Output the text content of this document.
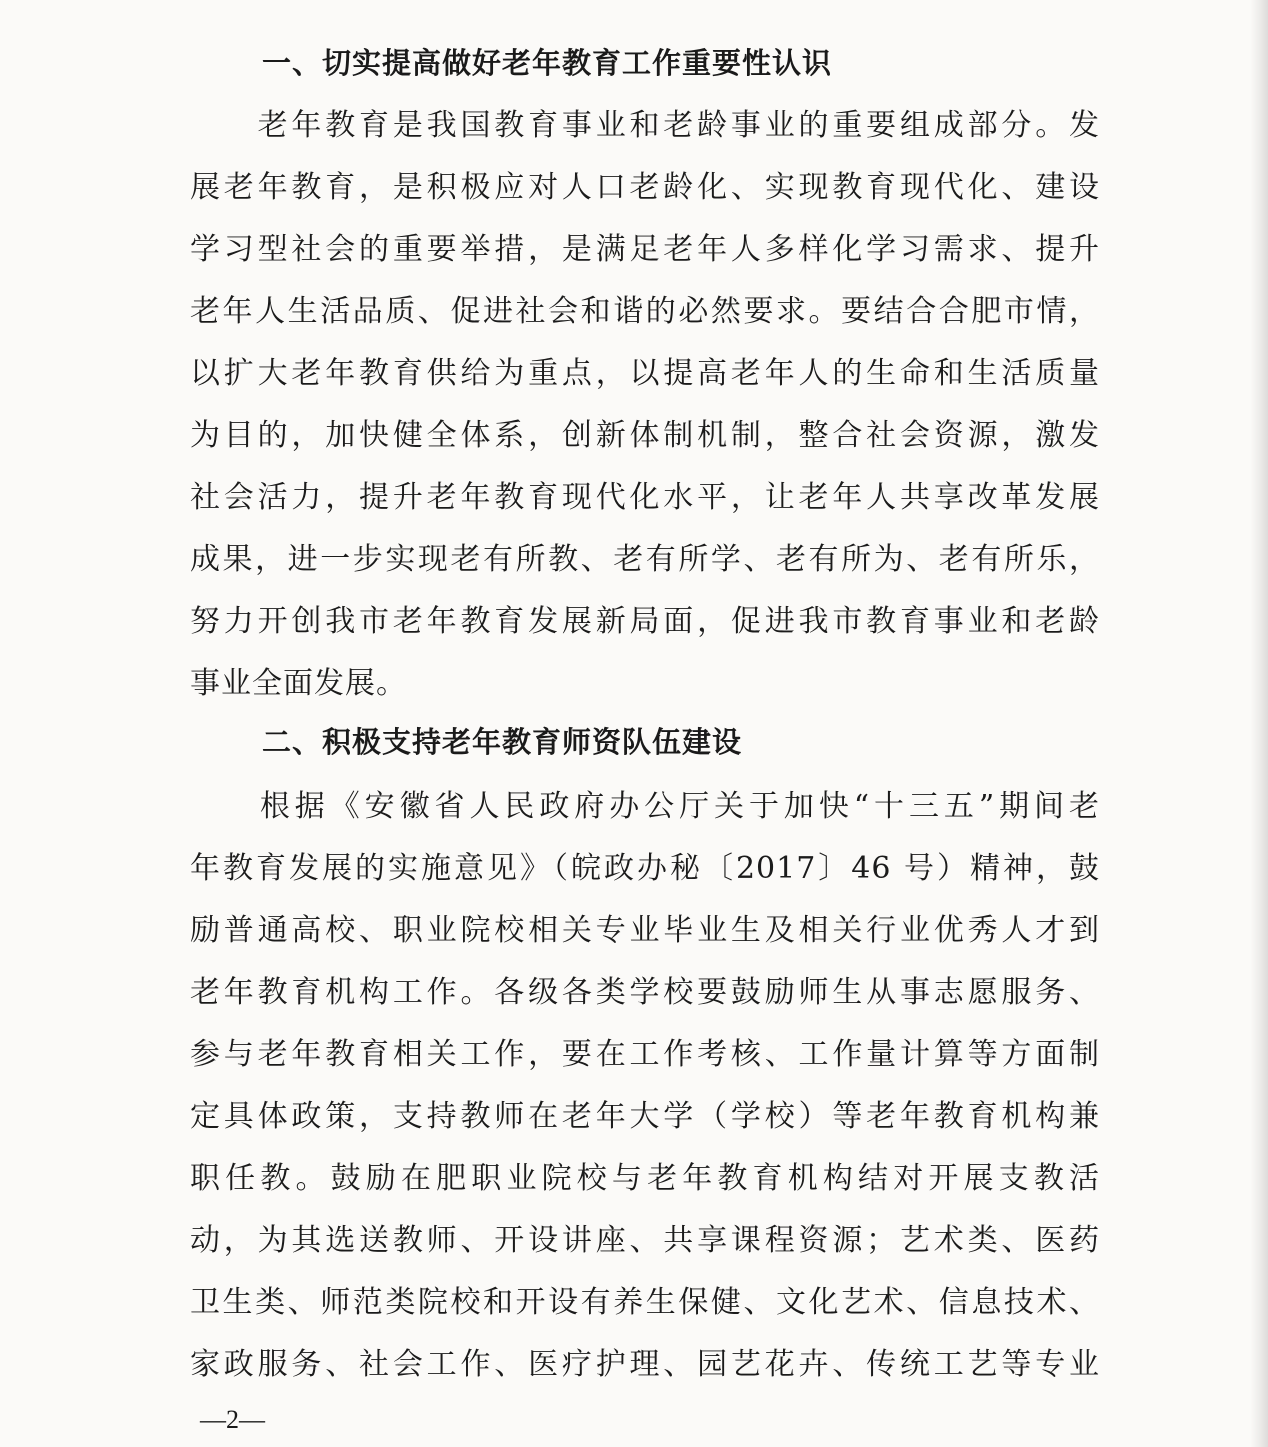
一、切实提高做好老年教育工作重要性认识
　　老年教育是我国教育事业和老龄事业的重要组成部分。发
展老年教育，是积极应对人口老龄化、实现教育现代化、建设
学习型社会的重要举措，是满足老年人多样化学习需求、提升
老年人生活品质、促进社会和谐的必然要求。要结合合肥市情，
以扩大老年教育供给为重点，以提高老年人的生命和生活质量
为目的，加快健全体系，创新体制机制，整合社会资源，激发
社会活力，提升老年教育现代化水平，让老年人共享改革发展
成果，进一步实现老有所教、老有所学、老有所为、老有所乐，
努力开创我市老年教育发展新局面，促进我市教育事业和老龄
事业全面发展。
二、积极支持老年教育师资队伍建设
　　根据《安徽省人民政府办公厅关于加快“十三五”期间老
年教育发展的实施意见》（皖政办秘〔2017〕46 号）精神，鼓
励普通高校、职业院校相关专业毕业生及相关行业优秀人才到
老年教育机构工作。各级各类学校要鼓励师生从事志愿服务、
参与老年教育相关工作，要在工作考核、工作量计算等方面制
定具体政策，支持教师在老年大学（学校）等老年教育机构兼
职任教。鼓励在肥职业院校与老年教育机构结对开展支教活
动，为其选送教师、开设讲座、共享课程资源；艺术类、医药
卫生类、师范类院校和开设有养生保健、文化艺术、信息技术、
家政服务、社会工作、医疗护理、园艺花卉、传统工艺等专业
—2—
